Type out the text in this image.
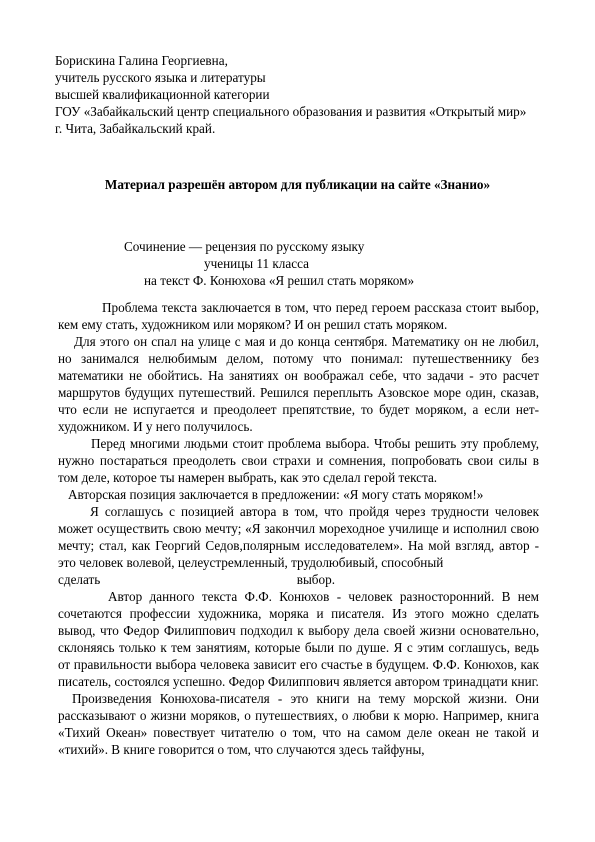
Борискина Галина Георгиевна,
учитель русского языка и литературы
высшей квалификационной категории
ГОУ «Забайкальский центр специального образования и развития «Открытый мир»
г. Чита, Забайкальский край.
Материал разрешён автором для публикации на сайте «Знанио»
Сочинение — рецензия по русскому языку
ученицы 11 класса
на текст Ф. Конюхова «Я решил стать моряком»

Проблема текста заключается в том, что перед героем рассказа стоит выбор, кем ему стать, художником или моряком? И он решил стать моряком.

Для этого он спал на улице с мая и до конца сентября. Математику он не любил, но занимался нелюбимым делом, потому что понимал: путешественнику без математики не обойтись. На занятиях он воображал себе, что задачи - это расчет маршрутов будущих путешествий. Решился переплыть Азовское море один, сказав, что если не испугается и преодолеет препятствие, то будет моряком, а если нет- художником. И у него получилось.

Перед многими людьми стоит проблема выбора. Чтобы решить эту проблему, нужно постараться преодолеть свои страхи и сомнения, попробовать свои силы в том деле, которое ты намерен выбрать, как это сделал герой текста.

Авторская позиция заключается в предложении: «Я могу стать моряком!»

Я соглашусь с позицией автора в том, что пройдя через трудности человек может осуществить свою мечту; «Я закончил мореходное училище и исполнил свою мечту; стал, как Георгий Седов,полярным исследователем». На мой взгляд, автор - это человек волевой, целеустремленный, трудолюбивый, способный

сделать	выбор.

Автор данного текста Ф.Ф. Конюхов - человек разносторонний. В нем сочетаются профессии художника, моряка и писателя. Из этого можно сделать вывод, что Федор Филиппович подходил к выбору дела своей жизни основательно, склоняясь только к тем занятиям, которые были по душе. Я с этим соглашусь, ведь от правильности выбора человека зависит его счастье в будущем. Ф.Ф. Конюхов, как писатель, состоялся успешно. Федор Филиппович является автором тринадцати книг.

Произведения Конюхова-писателя - это книги на тему морской жизни. Они рассказывают о жизни моряков, о путешествиях, о любви к морю. Например, книга «Тихий Океан» повествует читателю о том, что на самом деле океан не такой и «тихий». В книге говорится о том, что случаются здесь тайфуны,
